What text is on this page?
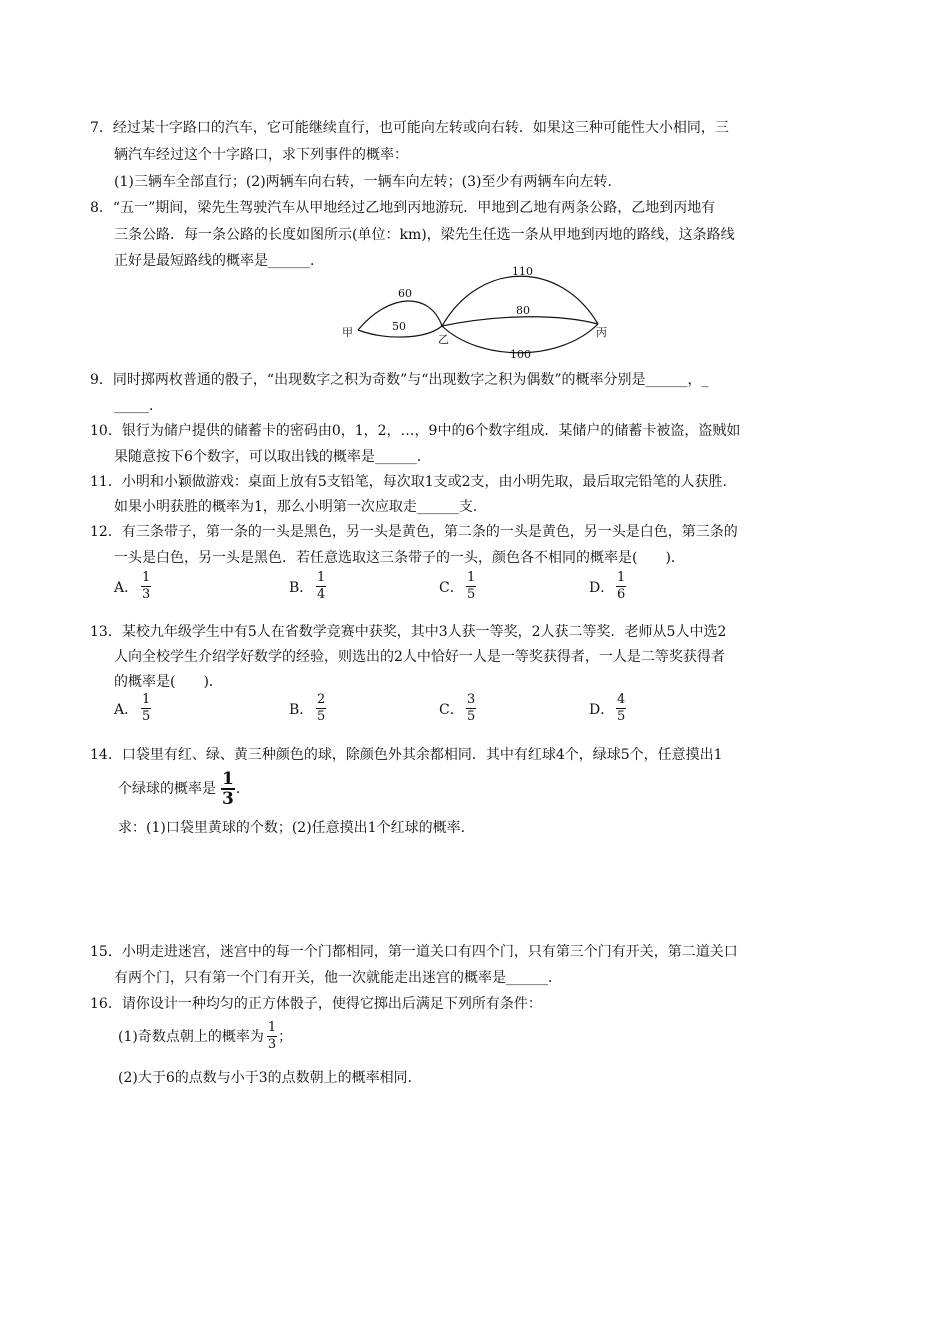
7．经过某十字路口的汽车，它可能继续直行，也可能向左转或向右转．如果这三种可能性大小相同，三
辆汽车经过这个十字路口，求下列事件的概率：
(1)三辆车全部直行；(2)两辆车向右转，一辆车向左转；(3)至少有两辆车向左转．
8．“五一”期间，梁先生驾驶汽车从甲地经过乙地到丙地游玩．甲地到乙地有两条公路，乙地到丙地有
三条公路．每一条公路的长度如图所示(单位：km)，梁先生任选一条从甲地到丙地的路线，这条路线
正好是最短路线的概率是______．
甲
乙
丙
60
50
110
80
100
9．同时掷两枚普通的骰子，“出现数字之积为奇数”与“出现数字之积为偶数”的概率分别是______，_
_____．
10．银行为储户提供的储蓄卡的密码由0，1，2，…，9中的6个数字组成．某储户的储蓄卡被盗，盗贼如
果随意按下6个数字，可以取出钱的概率是______．
11．小明和小颖做游戏：桌面上放有5支铅笔，每次取1支或2支，由小明先取，最后取完铅笔的人获胜．
如果小明获胜的概率为1，那么小明第一次应取走______支．
12．有三条带子，第一条的一头是黑色，另一头是黄色，第二条的一头是黄色，另一头是白色，第三条的
一头是白色，另一头是黑色．若任意选取这三条带子的一头，颜色各不相同的概率是(　　)．
A． $\frac{1}{3}$	B． $\frac{1}{4}$	C． $\frac{1}{5}$	D． $\frac{1}{6}$
13．某校九年级学生中有5人在省数学竞赛中获奖，其中3人获一等奖，2人获二等奖．老师从5人中选2
人向全校学生介绍学好数学的经验，则选出的2人中恰好一人是一等奖获得者，一人是二等奖获得者
的概率是(　　)．
A． $\frac{1}{5}$	B． $\frac{2}{5}$	C． $\frac{3}{5}$	D． $\frac{4}{5}$
14．口袋里有红、绿、黄三种颜色的球，除颜色外其余都相同．其中有红球4个，绿球5个，任意摸出1
个绿球的概率是 $\frac{1}{3}$ ．
求：(1)口袋里黄球的个数；(2)任意摸出1个红球的概率．
15．小明走进迷宫，迷宫中的每一个门都相同，第一道关口有四个门，只有第三个门有开关，第二道关口
有两个门，只有第一个门有开关，他一次就能走出迷宫的概率是______．
16．请你设计一种均匀的正方体骰子，使得它掷出后满足下列所有条件：
(1)奇数点朝上的概率为 $\frac{1}{3}$ ；
(2)大于6的点数与小于3的点数朝上的概率相同．
